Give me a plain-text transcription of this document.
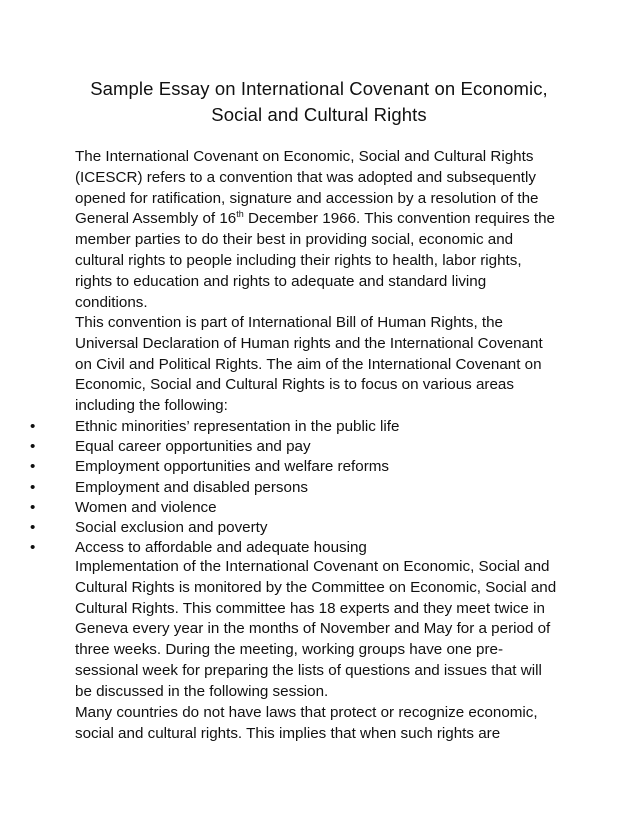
Sample Essay on International Covenant on Economic,
Social and Cultural Rights
The International Covenant on Economic, Social and Cultural Rights
(ICESCR) refers to a convention that was adopted and subsequently
opened for ratification, signature and accession by a resolution of the
General Assembly of 16th December 1966. This convention requires the
member parties to do their best in providing social, economic and
cultural rights to people including their rights to health, labor rights,
rights to education and rights to adequate and standard living
conditions.
This convention is part of International Bill of Human Rights, the
Universal Declaration of Human rights and the International Covenant
on Civil and Political Rights. The aim of the International Covenant on
Economic, Social and Cultural Rights is to focus on various areas
including the following:
•	Ethnic minorities’ representation in the public life
•	Equal career opportunities and pay
•	Employment opportunities and welfare reforms
•	Employment and disabled persons
•	Women and violence
•	Social exclusion and poverty
•	Access to affordable and adequate housing
Implementation of the International Covenant on Economic, Social and
Cultural Rights is monitored by the Committee on Economic, Social and
Cultural Rights. This committee has 18 experts and they meet twice in
Geneva every year in the months of November and May for a period of
three weeks. During the meeting, working groups have one pre-
sessional week for preparing the lists of questions and issues that will
be discussed in the following session.
Many countries do not have laws that protect or recognize economic,
social and cultural rights. This implies that when such rights are
